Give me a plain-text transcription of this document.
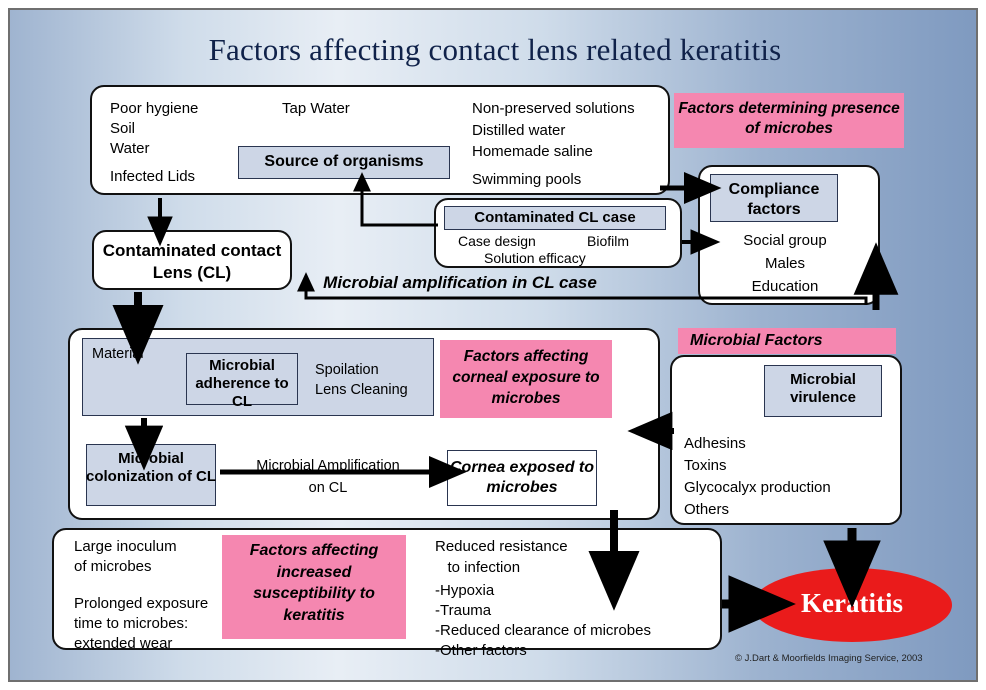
Factors affecting contact lens related keratitis
Poor hygiene
Soil
Water
Infected Lids
Tap Water
Source of organisms
Non-preserved solutions
Distilled water
Homemade saline
Swimming pools
Factors determining presence of microbes
Compliance factors
Social group
Males
Education
Contaminated CL case
Case design	Biofilm
Solution efficacy
Contaminated contact Lens (CL)
Microbial amplification in CL case
Material
Spoilation
Lens Cleaning
Microbial adherence to CL
Factors affecting corneal exposure to microbes
Microbial colonization of CL
Microbial Amplification
on CL
Cornea exposed to microbes
Microbial Factors
Microbial virulence
Adhesins
Toxins
Glycocalyx production
Others
Large inoculum
of microbes
Prolonged exposure
time to microbes:
extended wear
Factors affecting increased susceptibility to keratitis
Reduced resistance
to infection
-Hypoxia
-Trauma
-Reduced clearance of microbes
-Other factors
Keratitis
© J.Dart & Moorfields Imaging Service, 2003
